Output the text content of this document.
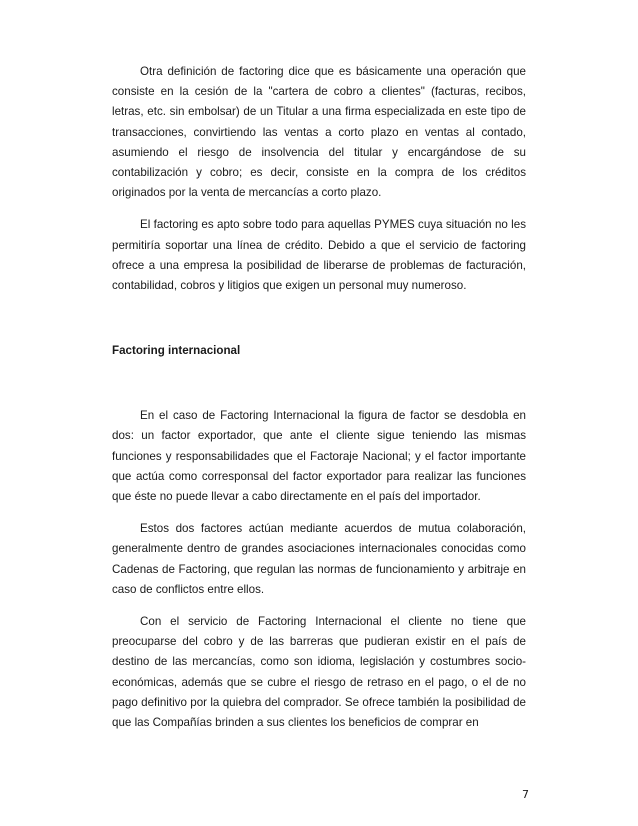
Otra definición de factoring dice que es básicamente una operación que consiste en la cesión de la "cartera de cobro a clientes" (facturas, recibos, letras, etc. sin embolsar) de un Titular a una firma especializada en este tipo de transacciones, convirtiendo las ventas a corto plazo en ventas al contado, asumiendo el riesgo de insolvencia del titular y encargándose de su contabilización y cobro; es decir, consiste en la compra de los créditos originados por la venta de mercancías a corto plazo.

El factoring es apto sobre todo para aquellas PYMES cuya situación no les permitiría soportar una línea de crédito. Debido a que el servicio de factoring ofrece a una empresa la posibilidad de liberarse de problemas de facturación, contabilidad, cobros y litigios que exigen un personal muy numeroso.

Factoring internacional

En el caso de Factoring Internacional la figura de factor se desdobla en dos: un factor exportador, que ante el cliente sigue teniendo las mismas funciones y responsabilidades que el Factoraje Nacional; y el factor importante que actúa como corresponsal del factor exportador para realizar las funciones que éste no puede llevar a cabo directamente en el país del importador.

Estos dos factores actúan mediante acuerdos de mutua colaboración, generalmente dentro de grandes asociaciones internacionales conocidas como Cadenas de Factoring, que regulan las normas de funcionamiento y arbitraje en caso de conflictos entre ellos.

Con el servicio de Factoring Internacional el cliente no tiene que preocuparse del cobro y de las barreras que pudieran existir en el país de destino de las mercancías, como son idioma, legislación y costumbres socio-económicas, además que se cubre el riesgo de retraso en el pago, o el de no pago definitivo por la quiebra del comprador. Se ofrece también la posibilidad de que las Compañías brinden a sus clientes los beneficios de comprar en

7
